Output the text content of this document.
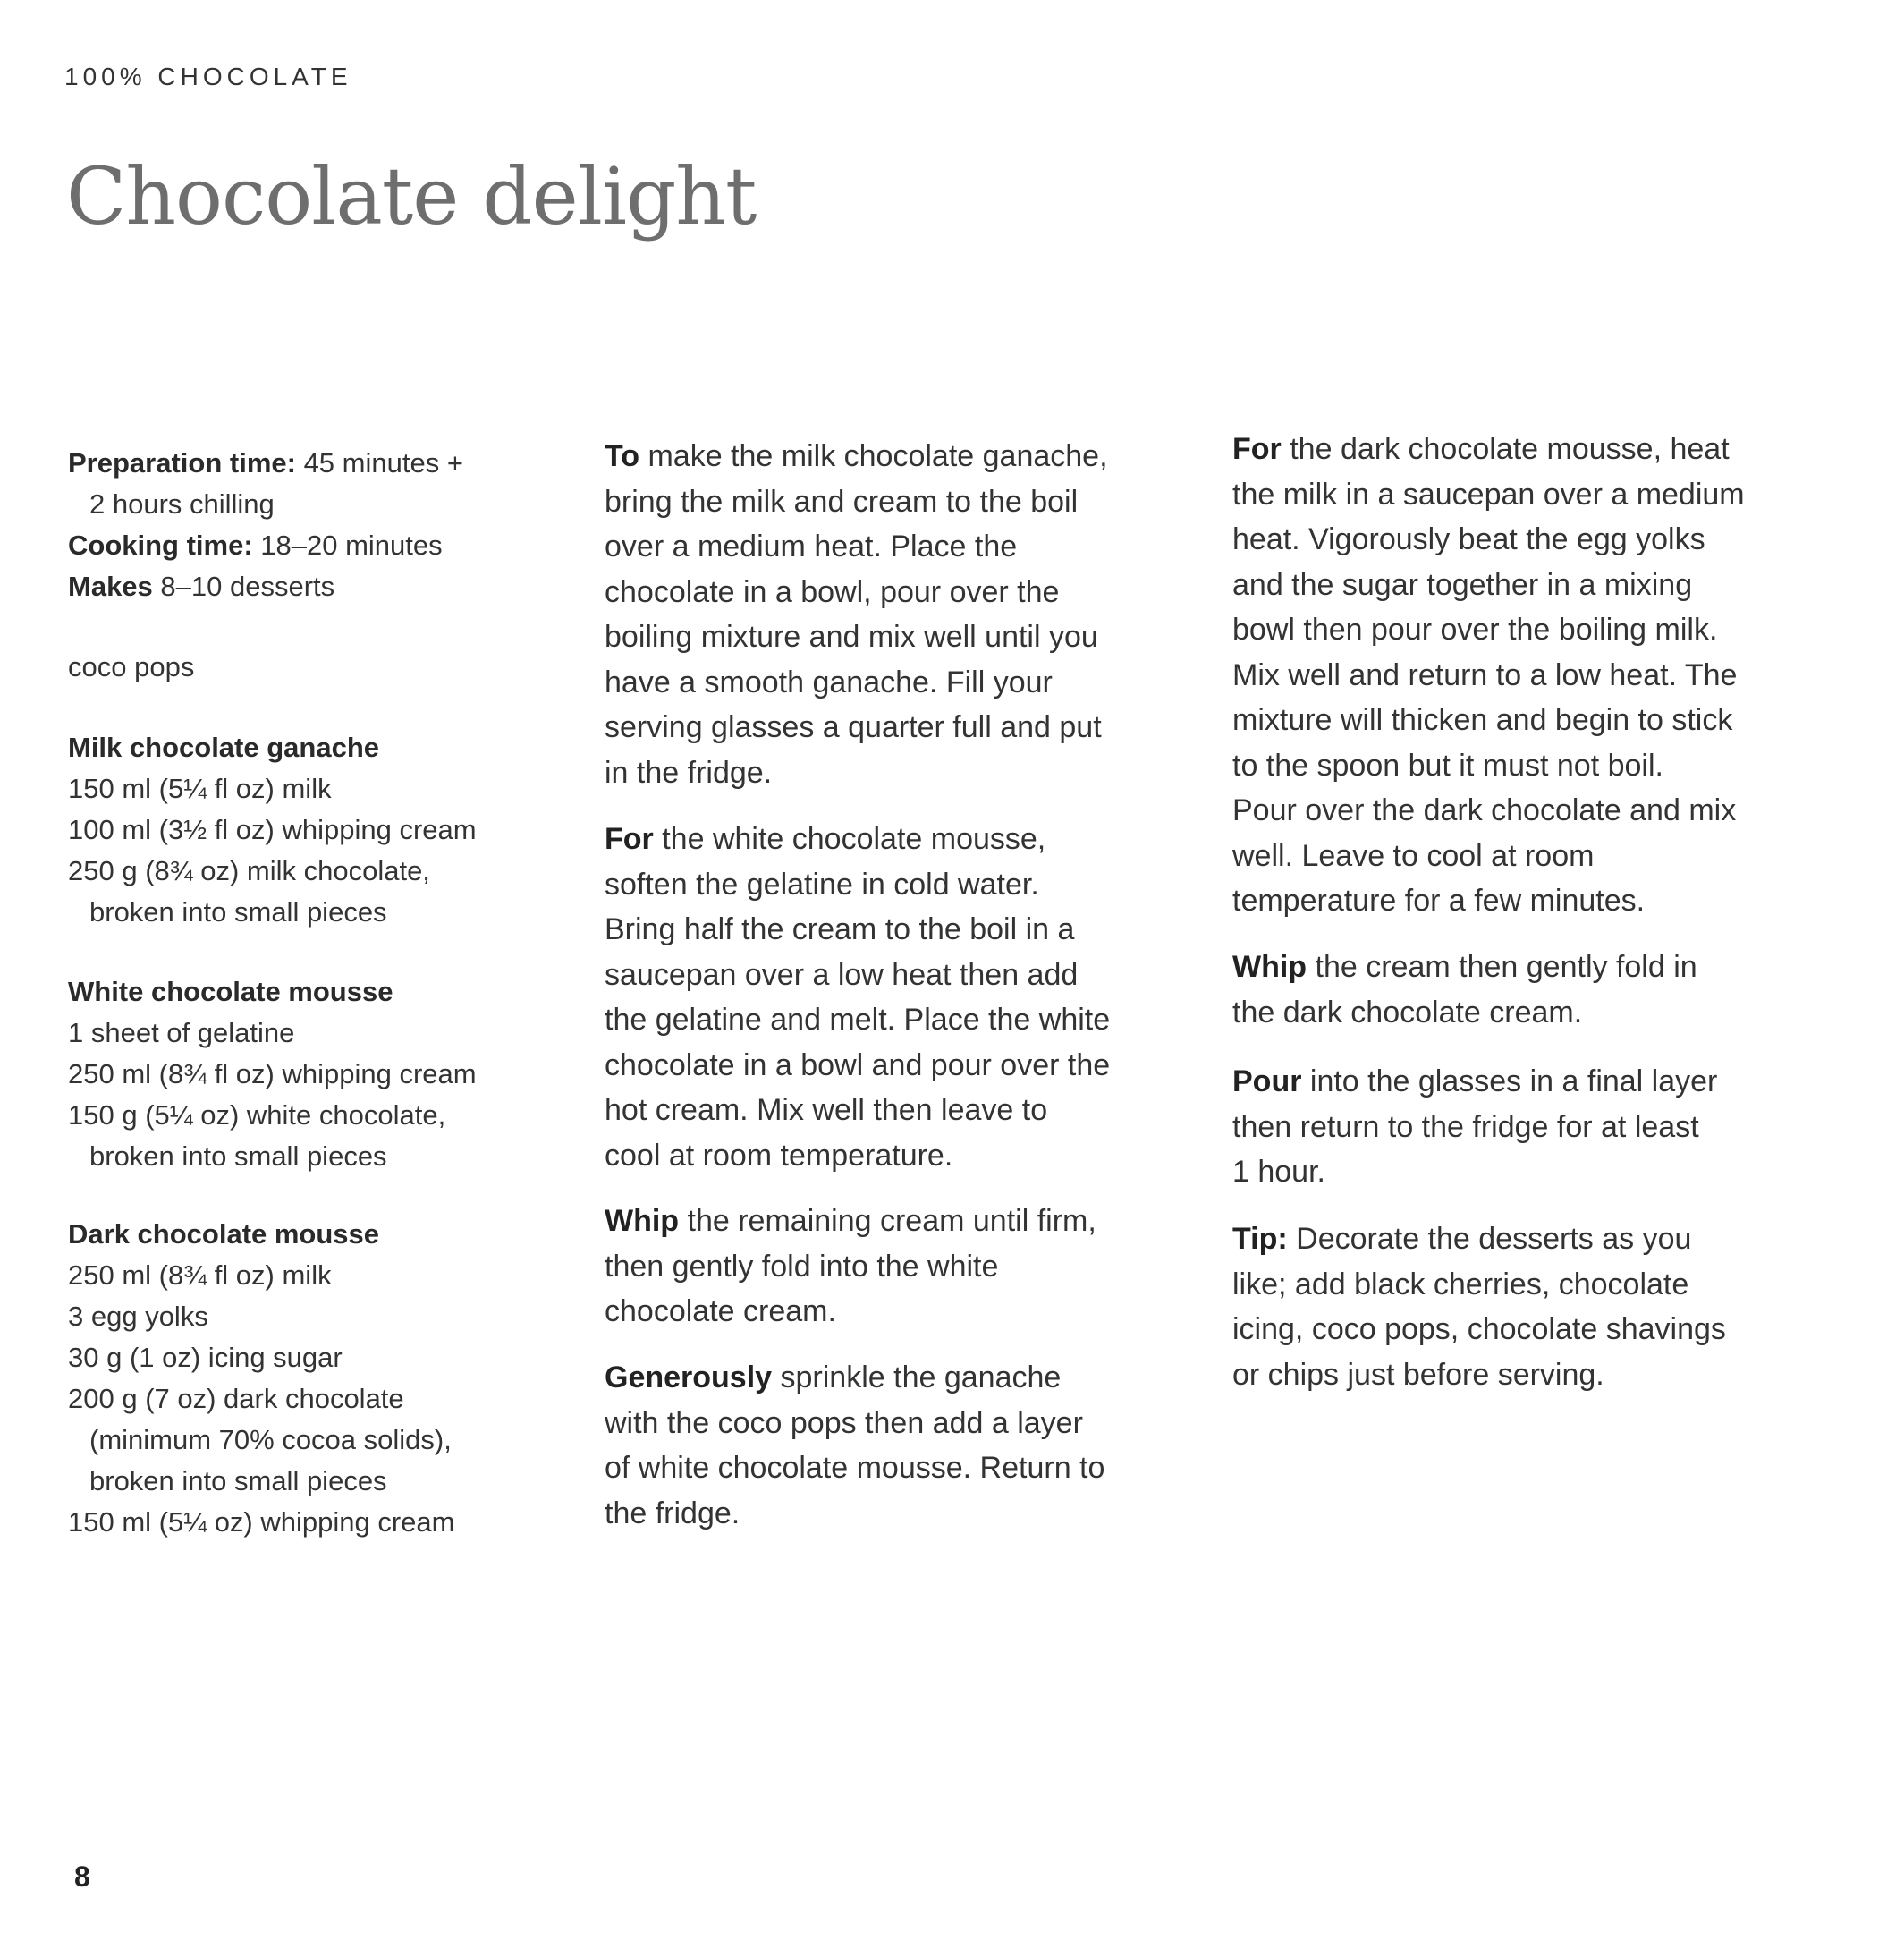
100% CHOCOLATE
Chocolate delight
Preparation time: 45 minutes +
2 hours chilling
Cooking time: 18–20 minutes
Makes 8–10 desserts
coco pops
Milk chocolate ganache
150 ml (5¼ fl oz) milk
100 ml (3½ fl oz) whipping cream
250 g (8¾ oz) milk chocolate,
broken into small pieces
White chocolate mousse
1 sheet of gelatine
250 ml (8¾ fl oz) whipping cream
150 g (5¼ oz) white chocolate,
broken into small pieces
Dark chocolate mousse
250 ml (8¾ fl oz) milk
3 egg yolks
30 g (1 oz) icing sugar
200 g (7 oz) dark chocolate
(minimum 70% cocoa solids),
broken into small pieces
150 ml (5¼ oz) whipping cream
To make the milk chocolate ganache,
bring the milk and cream to the boil
over a medium heat. Place the
chocolate in a bowl, pour over the
boiling mixture and mix well until you
have a smooth ganache. Fill your
serving glasses a quarter full and put
in the fridge.
For the white chocolate mousse,
soften the gelatine in cold water.
Bring half the cream to the boil in a
saucepan over a low heat then add
the gelatine and melt. Place the white
chocolate in a bowl and pour over the
hot cream. Mix well then leave to
cool at room temperature.
Whip the remaining cream until firm,
then gently fold into the white
chocolate cream.
Generously sprinkle the ganache
with the coco pops then add a layer
of white chocolate mousse. Return to
the fridge.
For the dark chocolate mousse, heat
the milk in a saucepan over a medium
heat. Vigorously beat the egg yolks
and the sugar together in a mixing
bowl then pour over the boiling milk.
Mix well and return to a low heat. The
mixture will thicken and begin to stick
to the spoon but it must not boil.
Pour over the dark chocolate and mix
well. Leave to cool at room
temperature for a few minutes.
Whip the cream then gently fold in
the dark chocolate cream.
Pour into the glasses in a final layer
then return to the fridge for at least
1 hour.
Tip: Decorate the desserts as you
like; add black cherries, chocolate
icing, coco pops, chocolate shavings
or chips just before serving.
8
